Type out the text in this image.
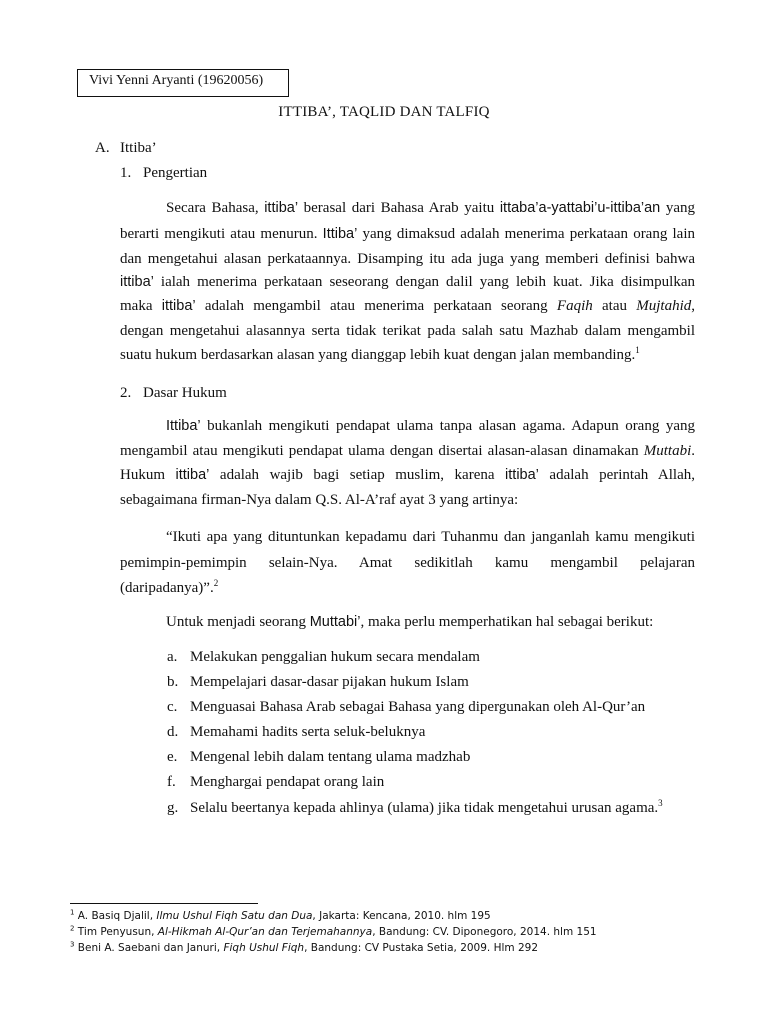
Vivi Yenni Aryanti (19620056)
ITTIBA’, TAQLID DAN TALFIQ
A. Ittiba’
1. Pengertian
Secara Bahasa, ittiba’ berasal dari Bahasa Arab yaitu ittaba’a-yattabi’u-ittiba’an yang
berarti mengikuti atau menurun. Ittiba’ yang dimaksud adalah menerima perkataan orang lain
dan mengetahui alasan perkataannya. Disamping itu ada juga yang memberi definisi bahwa
ittiba’ ialah menerima perkataan seseorang dengan dalil yang lebih kuat. Jika disimpulkan
maka ittiba’ adalah mengambil atau menerima perkataan seorang Faqih atau Mujtahid,
dengan mengetahui alasannya serta tidak terikat pada salah satu Mazhab dalam mengambil
suatu hukum berdasarkan alasan yang dianggap lebih kuat dengan jalan membanding.$^1$
2. Dasar Hukum
Ittiba’ bukanlah mengikuti pendapat ulama tanpa alasan agama. Adapun orang yang
mengambil atau mengikuti pendapat ulama dengan disertai alasan-alasan dinamakan Muttabi.
Hukum ittiba’ adalah wajib bagi setiap muslim, karena ittiba’ adalah perintah Allah,
sebagaimana firman-Nya dalam Q.S. Al-A’raf ayat 3 yang artinya:
“Ikuti apa yang dituntunkan kepadamu dari Tuhanmu dan janganlah kamu mengikuti
pemimpin-pemimpin selain-Nya. Amat sedikitlah kamu mengambil pelajaran
(daripadanya)”.$^2$
Untuk menjadi seorang Muttabi’, maka perlu memperhatikan hal sebagai berikut:
a. Melakukan penggalian hukum secara mendalam
b. Mempelajari dasar-dasar pijakan hukum Islam
c. Menguasai Bahasa Arab sebagai Bahasa yang dipergunakan oleh Al-Qur’an
d. Memahami hadits serta seluk-beluknya
e. Mengenal lebih dalam tentang ulama madzhab
f. Menghargai pendapat orang lain
g. Selalu beertanya kepada ahlinya (ulama) jika tidak mengetahui urusan agama.$^3$
$^1$ A. Basiq Djalil, Ilmu Ushul Fiqh Satu dan Dua, Jakarta: Kencana, 2010. hlm 195
$^2$ Tim Penyusun, Al-Hikmah Al-Qur’an dan Terjemahannya, Bandung: CV. Diponegoro, 2014. hlm 151
$^3$ Beni A. Saebani dan Januri, Fiqh Ushul Fiqh, Bandung: CV Pustaka Setia, 2009. Hlm 292
